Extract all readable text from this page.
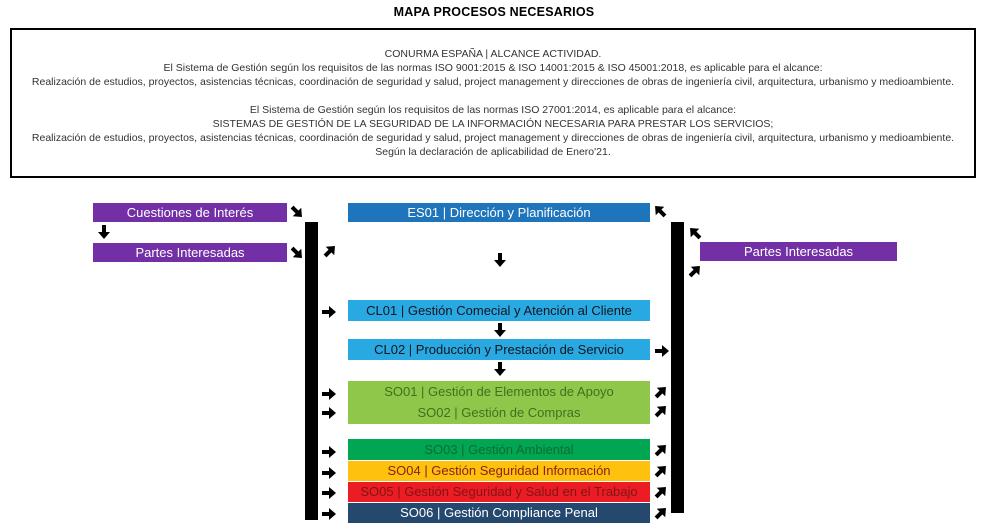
MAPA PROCESOS NECESARIOS
CONURMA ESPAÑA | ALCANCE ACTIVIDAD.
El Sistema de Gestión según los requisitos de las normas ISO 9001:2015 & ISO 14001:2015 & ISO 45001:2018, es aplicable para el alcance:
Realización de estudios, proyectos, asistencias técnicas, coordinación de seguridad y salud, project management y direcciones de obras de ingeniería civil, arquitectura, urbanismo y medioambiente.
El Sistema de Gestión según los requisitos de las normas ISO 27001:2014, es aplicable para el alcance:
SISTEMAS DE GESTIÓN DE LA SEGURIDAD DE LA INFORMACIÓN NECESARIA PARA PRESTAR LOS SERVICIOS;
Realización de estudios, proyectos, asistencias técnicas, coordinación de seguridad y salud, project management y direcciones de obras de ingeniería civil, arquitectura, urbanismo y medioambiente.
Según la declaración de aplicabilidad de Enero'21.
Cuestiones de Interés
Partes Interesadas
ES01 | Dirección y Planificación
Partes Interesadas
CL01 | Gestión Comecial y Atención al Cliente
CL02 | Producción y Prestación de Servicio
SO01 | Gestión de Elementos de Apoyo
SO02 | Gestión de Compras
SO03 | Gestión Ambiental
SO04 | Gestión Seguridad Información
SO05 | Gestión Seguridad y Salud en el Trabajo
SO06 | Gestión Compliance Penal
